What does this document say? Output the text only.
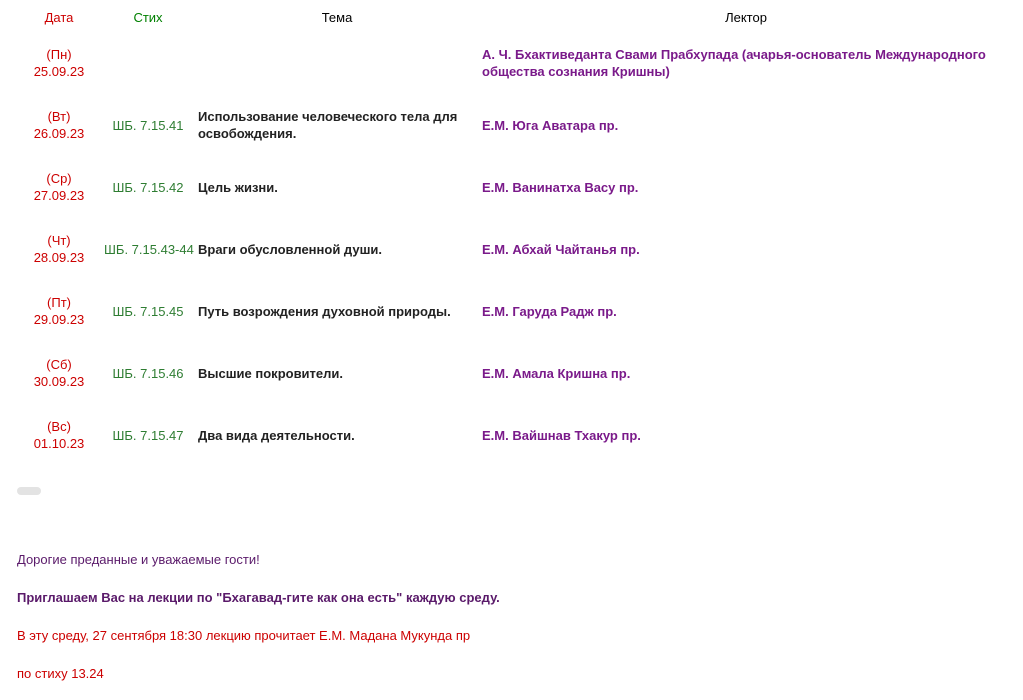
Дата	Стих	Тема	Лектор
(Пн)
25.09.23			А. Ч. Бхактиведанта Свами Прабхупада (ачарья-основатель Международного общества сознания Кришны)
(Вт)
26.09.23	ШБ. 7.15.41	Использование человеческого тела для освобождения.	Е.М. Юга Аватара пр.
(Ср)
27.09.23	ШБ. 7.15.42	Цель жизни.	Е.М. Ванинатха Васу пр.
(Чт)
28.09.23	ШБ. 7.15.43-44	Враги обусловленной души.	Е.М. Абхай Чайтанья пр.
(Пт)
29.09.23	ШБ. 7.15.45	Путь возрождения духовной природы.	Е.М. Гаруда Радж пр.
(Сб)
30.09.23	ШБ. 7.15.46	Высшие покровители.	Е.М. Амала Кришна пр.
(Вс)
01.10.23	ШБ. 7.15.47	Два вида деятельности.	Е.М. Вайшнав Тхакур пр.

Дорогие преданные и уважаемые гости!

Приглашаем Вас на лекции по "Бхагавад-гите как она есть" каждую среду.

В эту среду, 27 сентября 18:30 лекцию прочитает Е.М. Мадана Мукунда пр

по стиху 13.24
